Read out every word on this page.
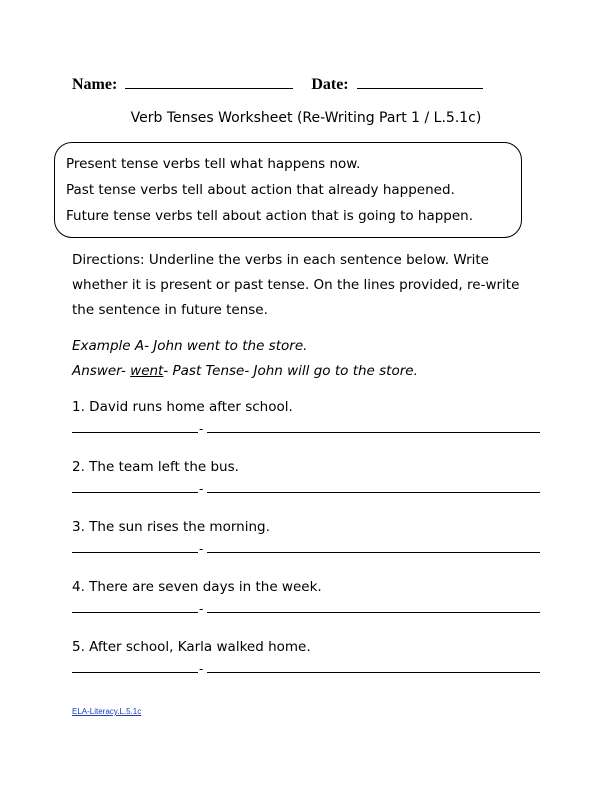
Name:	Date:
Verb Tenses Worksheet (Re-Writing Part 1 / L.5.1c)
Present tense verbs tell what happens now.
Past tense verbs tell about action that already happened.
Future tense verbs tell about action that is going to happen.
Directions: Underline the verbs in each sentence below. Write whether it is present or past tense. On the lines provided, re-write the sentence in future tense.
Example A- John went to the store.
Answer- went- Past Tense- John will go to the store.
1. David runs home after school.
-
2. The team left the bus.
-
3. The sun rises the morning.
-
4. There are seven days in the week.
-
5. After school, Karla walked home.
-
ELA-Literacy.L.5.1c
